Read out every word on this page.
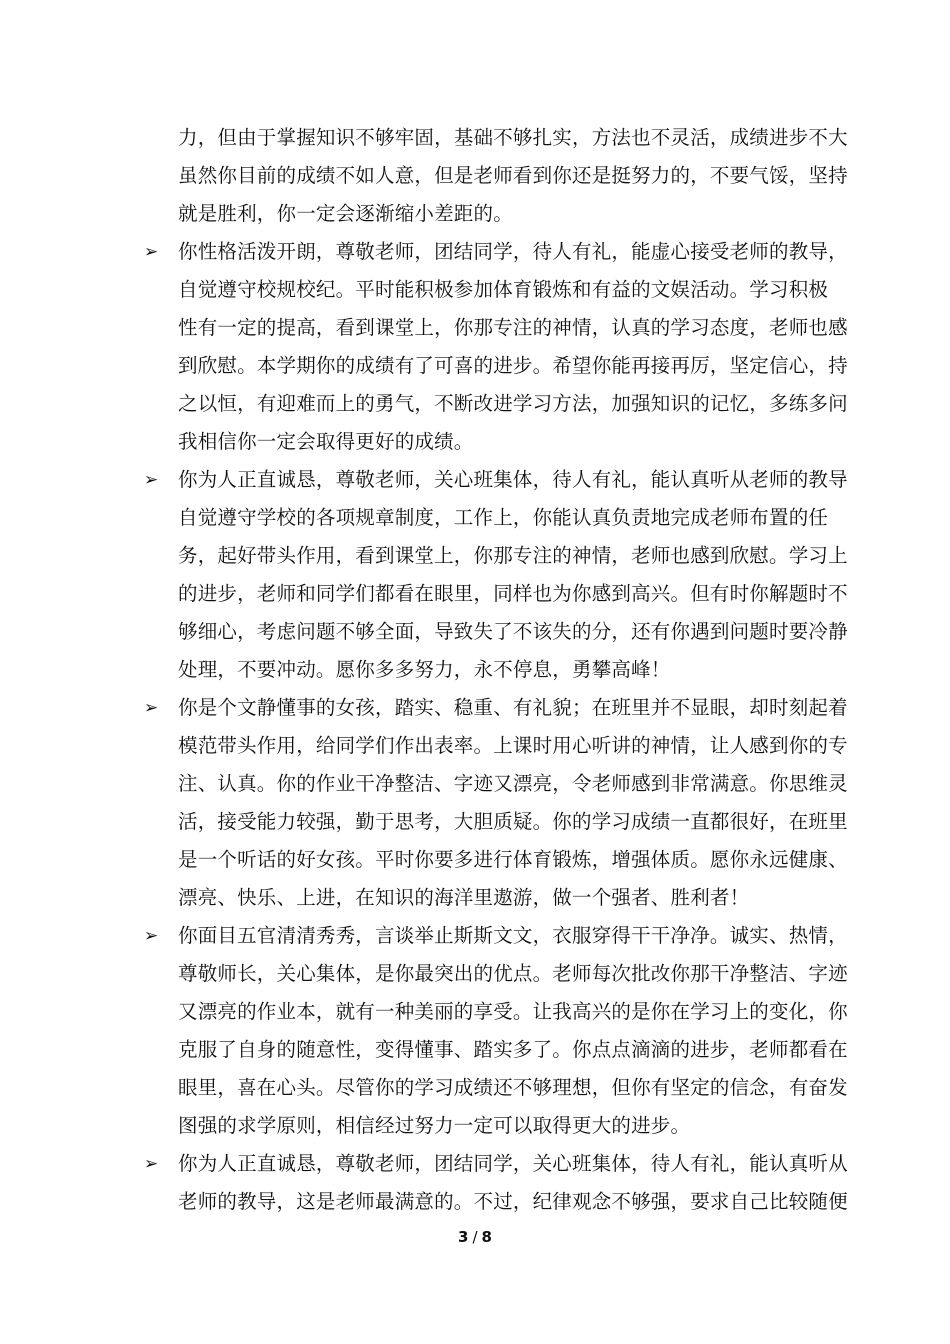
力，但由于掌握知识不够牢固，基础不够扎实，方法也不灵活，成绩进步不大
虽然你目前的成绩不如人意，但是老师看到你还是挺努力的，不要气馁，坚持
就是胜利，你一定会逐渐缩小差距的。
➢ 你性格活泼开朗，尊敬老师，团结同学，待人有礼，能虚心接受老师的教导，
自觉遵守校规校纪。平时能积极参加体育锻炼和有益的文娱活动。学习积极
性有一定的提高，看到课堂上，你那专注的神情，认真的学习态度，老师也感
到欣慰。本学期你的成绩有了可喜的进步。希望你能再接再厉，坚定信心，持
之以恒，有迎难而上的勇气，不断改进学习方法，加强知识的记忆，多练多问
我相信你一定会取得更好的成绩。
➢ 你为人正直诚恳，尊敬老师，关心班集体，待人有礼，能认真听从老师的教导
自觉遵守学校的各项规章制度，工作上，你能认真负责地完成老师布置的任
务，起好带头作用，看到课堂上，你那专注的神情，老师也感到欣慰。学习上
的进步，老师和同学们都看在眼里，同样也为你感到高兴。但有时你解题时不
够细心，考虑问题不够全面，导致失了不该失的分，还有你遇到问题时要冷静
处理，不要冲动。愿你多多努力，永不停息，勇攀高峰！
➢ 你是个文静懂事的女孩，踏实、稳重、有礼貌；在班里并不显眼，却时刻起着
模范带头作用，给同学们作出表率。上课时用心听讲的神情，让人感到你的专
注、认真。你的作业干净整洁、字迹又漂亮，令老师感到非常满意。你思维灵
活，接受能力较强，勤于思考，大胆质疑。你的学习成绩一直都很好，在班里
是一个听话的好女孩。平时你要多进行体育锻炼，增强体质。愿你永远健康、
漂亮、快乐、上进，在知识的海洋里遨游，做一个强者、胜利者！
➢ 你面目五官清清秀秀，言谈举止斯斯文文，衣服穿得干干净净。诚实、热情，
尊敬师长，关心集体，是你最突出的优点。老师每次批改你那干净整洁、字迹
又漂亮的作业本，就有一种美丽的享受。让我高兴的是你在学习上的变化，你
克服了自身的随意性，变得懂事、踏实多了。你点点滴滴的进步，老师都看在
眼里，喜在心头。尽管你的学习成绩还不够理想，但你有坚定的信念，有奋发
图强的求学原则，相信经过努力一定可以取得更大的进步。
➢ 你为人正直诚恳，尊敬老师，团结同学，关心班集体，待人有礼，能认真听从
老师的教导，这是老师最满意的。不过，纪律观念不够强，要求自己比较随便
3 / 8
